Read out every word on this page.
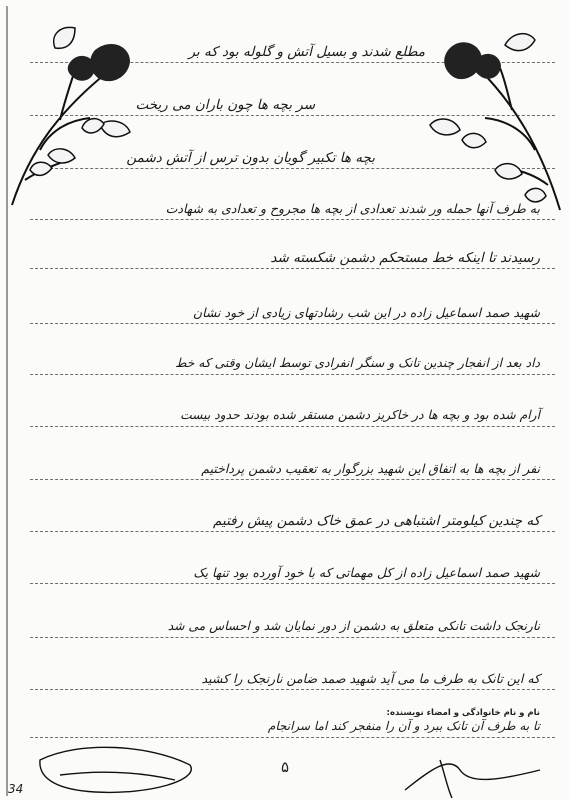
مطلع شدند و بسیل آتش و گلوله بود که بر
سر بچه ها چون باران می ریخت
بچه ها تکبیر گویان بدون ترس از آتش دشمن
به طرف آنها حمله ور شدند تعدادی از بچه ها مجروح و تعدادی به شهادت
رسیدند تا اینکه خط مستحکم دشمن شکسته شد
شهید صمد اسماعیل زاده در این شب رشادتهای زیادی از خود نشان
داد بعد از انفجار چندین تانک و سنگر انفرادی توسط ایشان وقتی که خط
آرام شده بود و بچه ها در خاکریز دشمن مستقر شده بودند حدود بیست
نفر از بچه ها به اتفاق این شهید بزرگوار به تعقیب دشمن پرداختیم
که چندین کیلومتر اشتباهی در عمق خاک دشمن پیش رفتیم
شهید صمد اسماعیل زاده از کل مهماتی که با خود آورده بود تنها یک
نارنجک داشت تانکی متعلق به دشمن از دور نمایان شد و احساس می شد
که این تانک به طرف ما می آید شهید صمد ضامن نارنجک را کشید
تا به طرف آن تانک ببرد و آن را منفجر کند اما سرانجام
نام و نام خانوادگی و امضاء نویسنده:
۵
34
